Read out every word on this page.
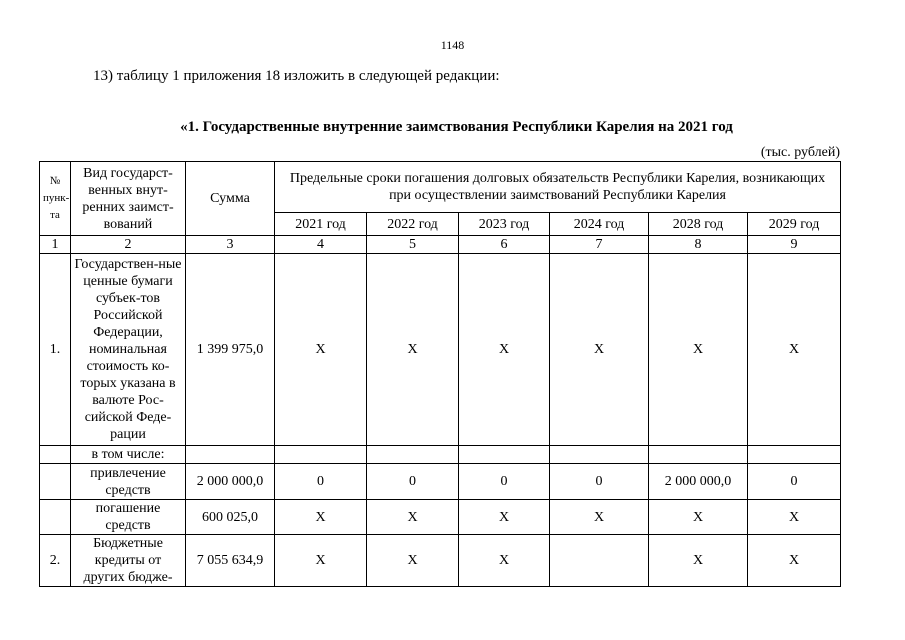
1148
13) таблицу 1 приложения 18 изложить в следующей редакции:
«1. Государственные внутренние заимствования Республики Карелия на 2021 год
(тыс. рублей)
№ пунк-та	Вид государст-венных внут-ренних заимст-вований	Сумма	Предельные сроки погашения долговых обязательств Республики Карелия, возникающих при осуществлении заимствований Республики Карелия					
			2021 год	2022 год	2023 год	2024 год	2028 год	2029 год
1	2	3	4	5	6	7	8	9
1.	Государствен-ные ценные бумаги субъек-тов Российской Федерации, номинальная стоимость ко-торых указана в валюте Рос-сийской Феде-рации	1 399 975,0	X	X	X	X	X	X
	в том числе:							
	привлечение средств	2 000 000,0	0	0	0	0	2 000 000,0	0
	погашение средств	600 025,0	X	X	X	X	X	X
2.	Бюджетные кредиты от других бюдже-	7 055 634,9	X	X	X		X	X
